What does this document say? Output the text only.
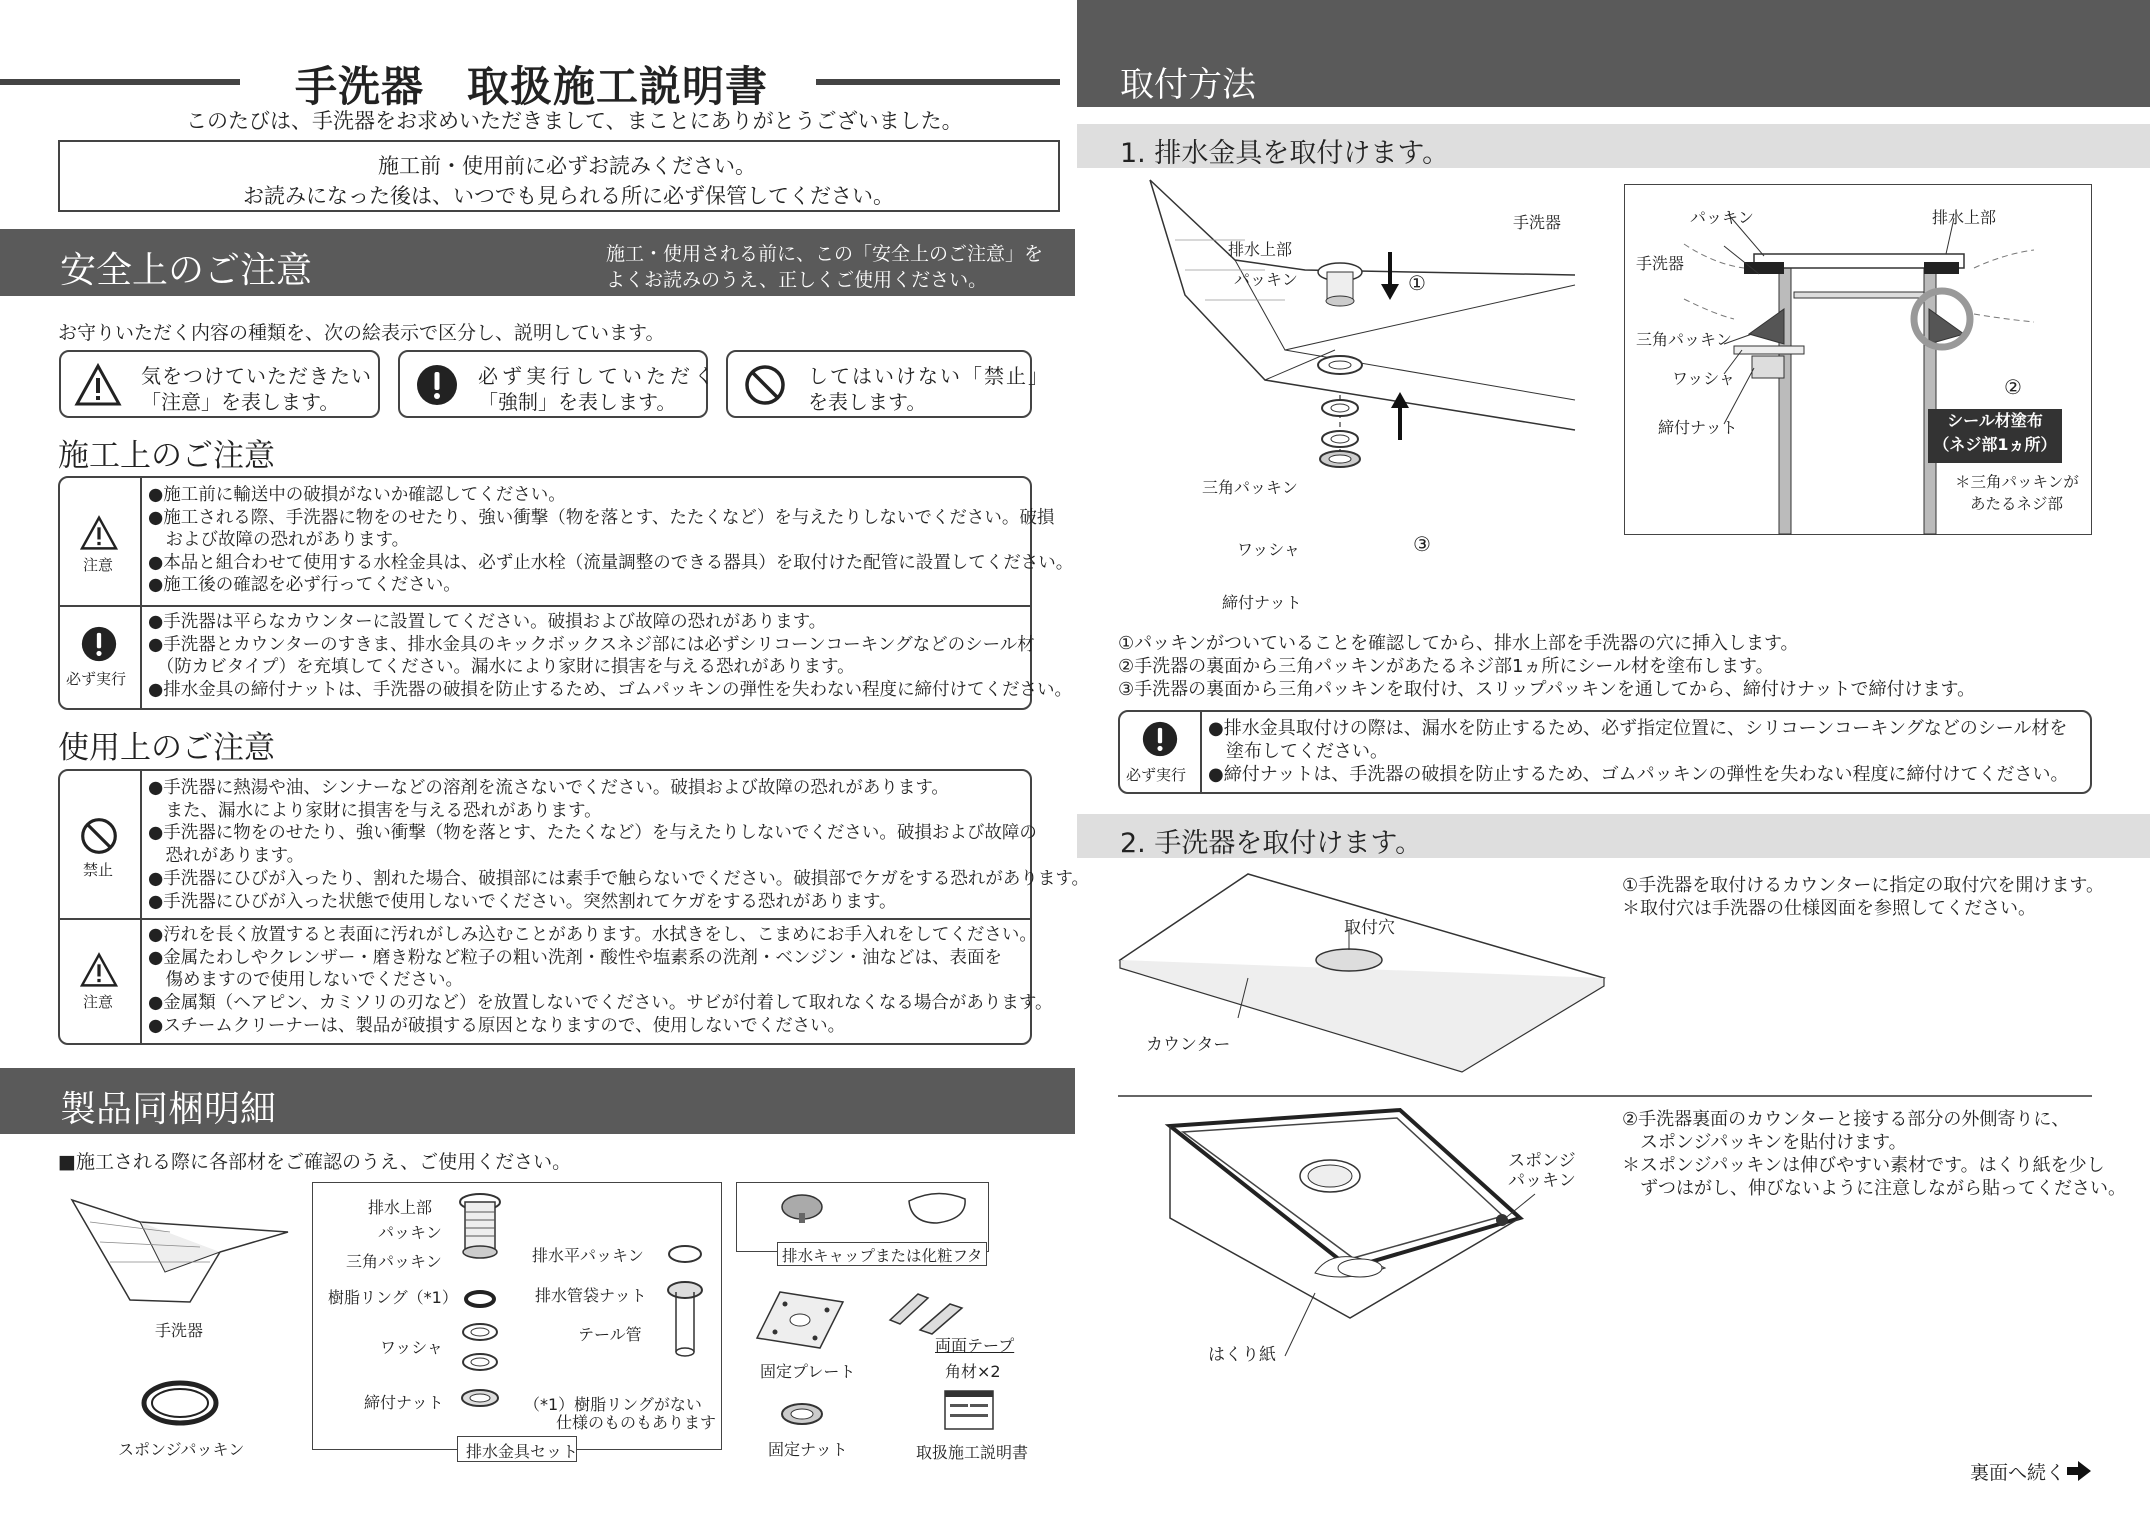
手洗器　取扱施工説明書
このたびは、手洗器をお求めいただきまして、まことにありがとうございました。
施工前・使用前に必ずお読みください。
お読みになった後は、いつでも見られる所に必ず保管してください。
安全上のご注意	施工・使用される前に、この「安全上のご注意」を
よくお読みのうえ、正しくご使用ください。
お守りいただく内容の種類を、次の絵表示で区分し、説明しています。
気をつけていただきたい
「注意」を表します。
必ず実行していただく
「強制」を表します。
してはいけない「禁止」
を表します。
施工上のご注意
注意
●施工前に輸送中の破損がないか確認してください。
●施工される際、手洗器に物をのせたり、強い衝撃（物を落とす、たたくなど）を与えたりしないでください。破損
　および故障の恐れがあります。
●本品と組合わせて使用する水栓金具は、必ず止水栓（流量調整のできる器具）を取付けた配管に設置してください。
●施工後の確認を必ず行ってください。
必ず実行
●手洗器は平らなカウンターに設置してください。破損および故障の恐れがあります。
●手洗器とカウンターのすきま、排水金具のキックボックスネジ部には必ずシリコーンコーキングなどのシール材
　（防カビタイプ）を充填してください。漏水により家財に損害を与える恐れがあります。
●排水金具の締付ナットは、手洗器の破損を防止するため、ゴムパッキンの弾性を失わない程度に締付けてください。
使用上のご注意
禁止
●手洗器に熱湯や油、シンナーなどの溶剤を流さないでください。破損および故障の恐れがあります。
　また、漏水により家財に損害を与える恐れがあります。
●手洗器に物をのせたり、強い衝撃（物を落とす、たたくなど）を与えたりしないでください。破損および故障の
　恐れがあります。
●手洗器にひびが入ったり、割れた場合、破損部には素手で触らないでください。破損部でケガをする恐れがあります。
●手洗器にひびが入った状態で使用しないでください。突然割れてケガをする恐れがあります。
注意
●汚れを長く放置すると表面に汚れがしみ込むことがあります。水拭きをし、こまめにお手入れをしてください。
●金属たわしやクレンザー・磨き粉など粒子の粗い洗剤・酸性や塩素系の洗剤・ベンジン・油などは、表面を
　傷めますので使用しないでください。
●金属類（ヘアピン、カミソリの刃など）を放置しないでください。サビが付着して取れなくなる場合があります。
●スチームクリーナーは、製品が破損する原因となりますので、使用しないでください。
製品同梱明細
■施工される際に各部材をご確認のうえ、ご使用ください。
手洗器
スポンジパッキン
排水上部
パッキン
三角パッキン
樹脂リング（*1）
ワッシャ
締付ナット
排水平パッキン
排水管袋ナット
テール管
（*1）樹脂リングがない
　　仕様のものもあります
排水金具セット
排水キャップまたは化粧フタ
固定プレート
両面テープ
角材×2
固定ナット	取扱施工説明書
取付方法
1. 排水金具を取付けます。
手洗器
排水上部
パッキン	①
三角パッキン
ワッシャ	③
締付ナット
パッキン	排水上部
手洗器
三角パッキン
ワッシャ
締付ナット
②
シール材塗布
（ネジ部1ヵ所）
＊三角パッキンが
あたるネジ部
①パッキンがついていることを確認してから、排水上部を手洗器の穴に挿入します。
②手洗器の裏面から三角パッキンがあたるネジ部1ヵ所にシール材を塗布します。
③手洗器の裏面から三角パッキンを取付け、スリップパッキンを通してから、締付けナットで締付けます。
必ず実行
●排水金具取付けの際は、漏水を防止するため、必ず指定位置に、シリコーンコーキングなどのシール材を
　塗布してください。
●締付ナットは、手洗器の破損を防止するため、ゴムパッキンの弾性を失わない程度に締付けてください。
2. 手洗器を取付けます。
取付穴
カウンター
①手洗器を取付けるカウンターに指定の取付穴を開けます。
＊取付穴は手洗器の仕様図面を参照してください。
スポンジ
パッキン
はくり紙
②手洗器裏面のカウンターと接する部分の外側寄りに、
　スポンジパッキンを貼付けます。
＊スポンジパッキンは伸びやすい素材です。はくり紙を少し
　ずつはがし、伸びないように注意しながら貼ってください。
裏面へ続く
